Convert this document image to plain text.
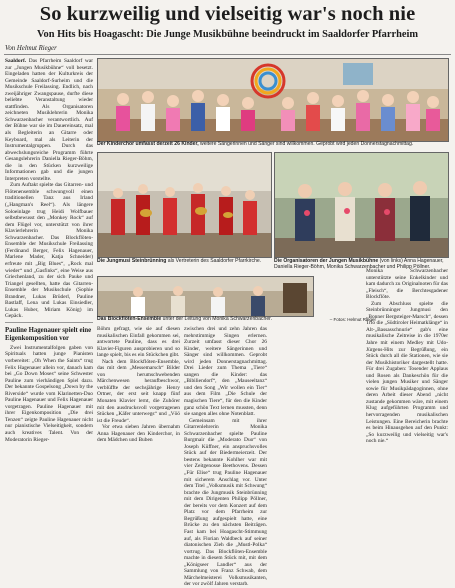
So kurzweilig und vielseitig war's noch nie
Von Hits bis Hoagascht: Die Junge Musikbühne beeindruckt im Saaldorfer Pfarrheim
Von Helmut Rieger

Saaldorf. Das Pfarrheim Saaldorf war zur „Jungen Musikbühne“ voll besetzt. Eingeladen hatten der Kulturkreis der Gemeinde Saaldorf-Surheim und die Musikschule Freilassing. Endlich, nach zweijähriger Zwangspause, durfte diese beliebte Veranstaltung wieder stattfinden. Als Organisatoren zeichneten Musiklehrerin Monika Schwarzenbacher verantwortlich. Auf der Bühne war sie im Dauereinsatz, mal als Begleiterin an Gitarre oder Keyboard, mal als Leiterin der Instrumentalgruppen. Durch das abwechslungsreiche Programm führte Gesangslehrerin Daniella Rieger-Böhm, die in den Stücken kurzweilige Informationen gab und die jungen Interpreten vorstellte.

Zum Auftakt spielte das Gitarren- und Flötenensemble schwungvoll einen traditionellen Tanz aus Irland („Hangman's Reel“). Als längere Soloeinlage trug Heidi Wolfbauer selbstbewusst den „Monkey Rock“ auf dem Flügel vor, unterstützt von ihrer Klavierlehrerin Monika Schwarzenbacher. Das Blockflöten-Ensemble der Musikschule Freilassing (Ferdinand Berger, Felix Hagenauer, Marlene Mader, Katja Schneider) erfreute mit „Big Blues“, „Rock mal wieder“ und „Gasfinks“, eine Weise aus Griechenland, zu der sich Pauke und Triangel gesellten, hatte das Gitarren-Ensemble der Musikschule (Sophie Brandner, Lukas Brüderl, Pauline Bastlaff, Lena und Lukas Einsiedler, Lukas Huber, Miriam König) im Gepäck.

Pauline Hagenauer spielt eine Eigenkomposition vor

Zwei Instrumentalfolgen gaben von Spirituals hatten junge Pianisten vorbereitet: „Oh When the Saints“ trug Felix Hagenauer allein vor, danach kam bei „Go Down Moses“ seine Schwester Pauline zum vierhändigen Spiel dazu. Der bekannte Gospelsong „Down by the Riverside“ wurde vom Klarinetten-Duo Pauline Hagenauer und Felix Hagenauer vorgetragen. Pauline Hagenauer mit ihrer Eigenkomposition „Die drei Tenzen“ zeigte Pauline Hagenauer nicht nur pianistische Vielseitigkeit, sondern auch kreatives Talent. Von der Moderatorin Rieger-

Der Kinderchor umfasst derzeit 26 Kinder, weitere Sängerinnen und Sänger sind willkommen. Geprobt wird jeden Donnerstagnachmittag.
Die Jungmusi Steinbrünning als Vertreterin des Saaldorfer Pfarrkirche.	Die Organisatoren der Jungen Musikbühne (von links) Anna Hagenauer, Daniella Rieger-Böhm, Monika Schwarzenbacher und Philipp Pöllner.
Das Blockflöten-Ensemble unter der Leitung von Monika Schwarzenbacher.	– Fotos: Helmut Rieger

Böhm gefragt, wie sie auf diesen musikalischen Einfall gekommen sei, antwortete Pauline, dass es drei Klavier-Figuren ausprobieren und so lange spielt, bis es ein Stückchen gibt.

Nach dem Blockflöten-Ensemble, das mit dem „Messemarsch“ Bilder von herumschwebenden Märchenwesen heraufbeschwor, verblüffte der sechsjährige Henry Ortner, der erst seit knapp fünf Monaten Klavier lernt, die Zuhörer mit den ausdrucksvoll vorgetragenen Stücken „Käfer unterwegs“ und „Vöö ist die Freude“.

Vor etwa sieben Jahren übernahm Anna Hagenauer den Kinderchor, in dem Mädchen und Buben

zwischen drei und zehn Jahren das mehrstimmige Singen erlernen. Zurzeit umfasst dieser Chor 26 Kinder, weitere Sängerinnen und Sänger sind willkommen. Geprobt wird jeden Donnerstagnachmittag. Drei Lieder zum Thema „Tiere“ sangen die Kinder: das „Bibiliendorf“, den „Mauseeltanz“ und den Song „Wir wollen ein Tier“ aus dem Film „Die Schule der magischen Tiere“, für den die Kinder ganz schön Text lernen mussten, denn sie sangen alles ohne Notenblatt.

Gemeinsam mit ihrer Gitarrenlehrerin Monika Schwarzenbacher spielte Pauline Burgmair die „Moderato Duo“ von Joseph Küffner, ein anspruchsvolles Stück auf der Biedermeierzeit. Der bestens bekannte Kohlher war mit vier Zeitgenosse Beethovens. Dessen „Für Elise“ trug Pauline Hagenauer mit sicherem Anschlag vor. Unter dem Titel „Volksmusik mit Schwung“ brachte die Jungmusik Steinbrünning mit dem Dirigenten Philipp Pöllner, der bereits vor dem Konzert auf dem Platz vor dem Pfarrheim zur Begrüßung aufgespielt hatte, eine Brücke zu den nächsten Beiträgen. Fast kam bei Hoagascht-Stimmung auf, als Florian Waldbeck auf seiner diatonischen Zieh die „Mustl-Polka“ vortrug. Das Blockflöten-Ensemble machte in diesem Stück mit, mit dem „Königseer Landler“ aus der Sammlung von Franz Schwab, dem Märchelmeisterei Volksmusikanten, der vor zwölf Jahren verstarb.

Monika Schwarzenbacher unterstützte seine Enkelkinder und kam dadurch zu Originalnoten für das „Fleisch“, die Berchtesgadener Blockflöte.

Zum Abschluss spielte die Steinbrünninger Jungmusi den „Bonner Bergsteiger-Marsch“, dessen Trio die „Südtiroler Heimatklänge“ in Alt-„Bassasschnurie“ gab's eine musikalische Zeitreise in die 1970er Jahre mit einem Medley mit Udo-Jürgens-Hits zur Begrüßung, ein Stück durch all die Stationen, wie sie der Musikhistoriker dargestellt hatte. Für drei Zugaben: Tosender Applaus und Rosen als Dankeschön für die vielen jungen Musiker und Sänger sowie für Musikpädagoginnen, ohne deren Arbeit dieser Abend „nicht zustande gekommen wäre, mit einem Klug aufgeführten Programm und hervorragenden musikalischen Leistungen. Eine Bereicherin brachte es beim Hinausgehen auf den Punkt: „So kurzweilig und vielseitig war's noch nie.“
